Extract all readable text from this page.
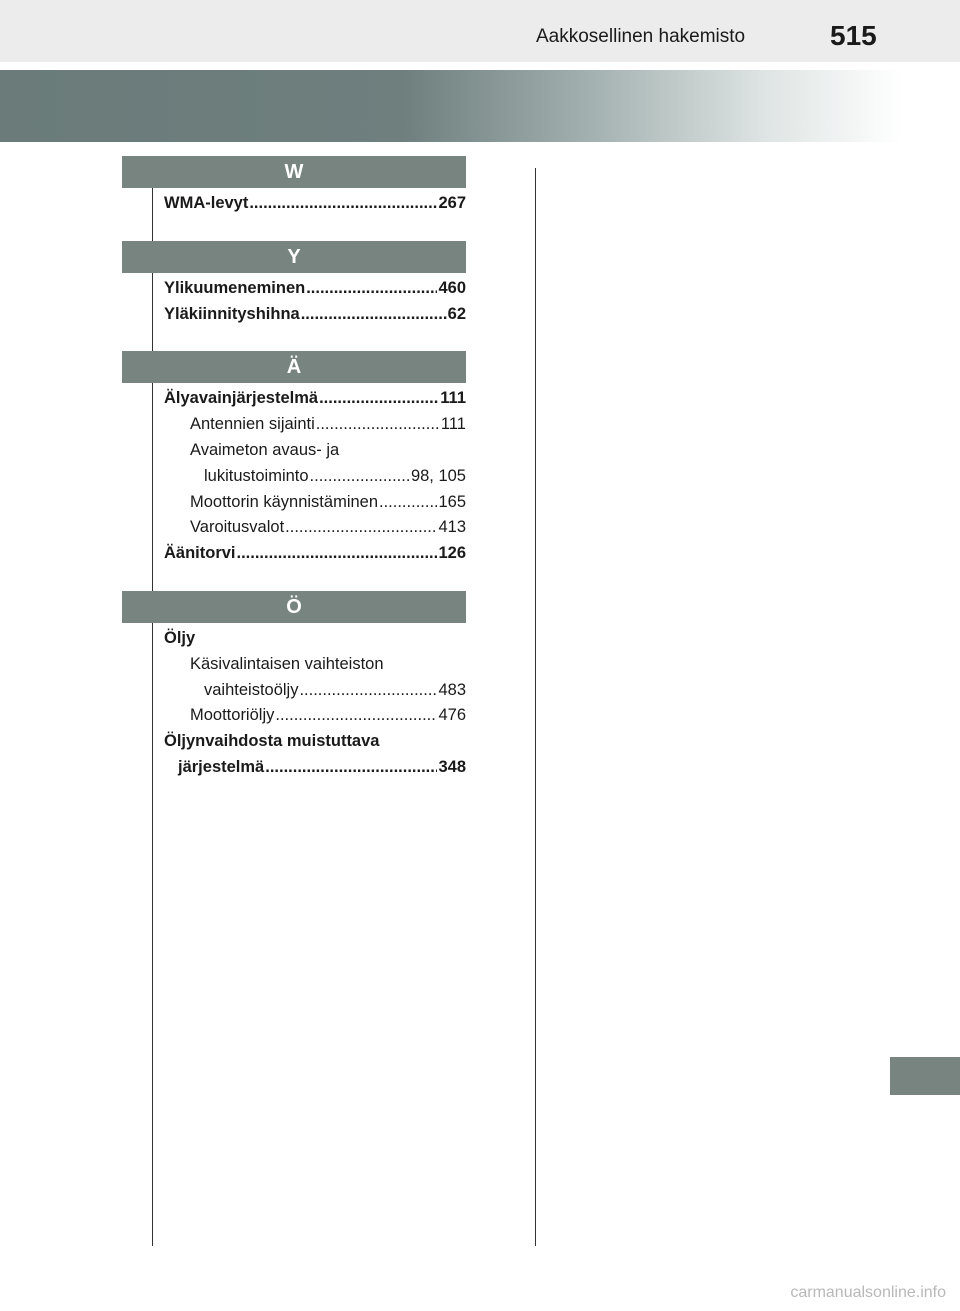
Aakkosellinen hakemisto	515
W
WMA-levyt .....	267
Y
Ylikuumeneminen .....	460
Yläkiinnityshihna .....	62
Ä
Älyavainjärjestelmä .....	111
Antennien sijainti .....	111
Avaimeton avaus- ja
lukitustoiminto .....	98, 105
Moottorin käynnistäminen .....	165
Varoitusvalot .....	413
Äänitorvi .....	126
Ö
Öljy
Käsivalintaisen vaihteiston
vaihteistoöljy .....	483
Moottoriöljy .....	476
Öljynvaihdosta muistuttava
järjestelmä .....	348
carmanualsonline.info
